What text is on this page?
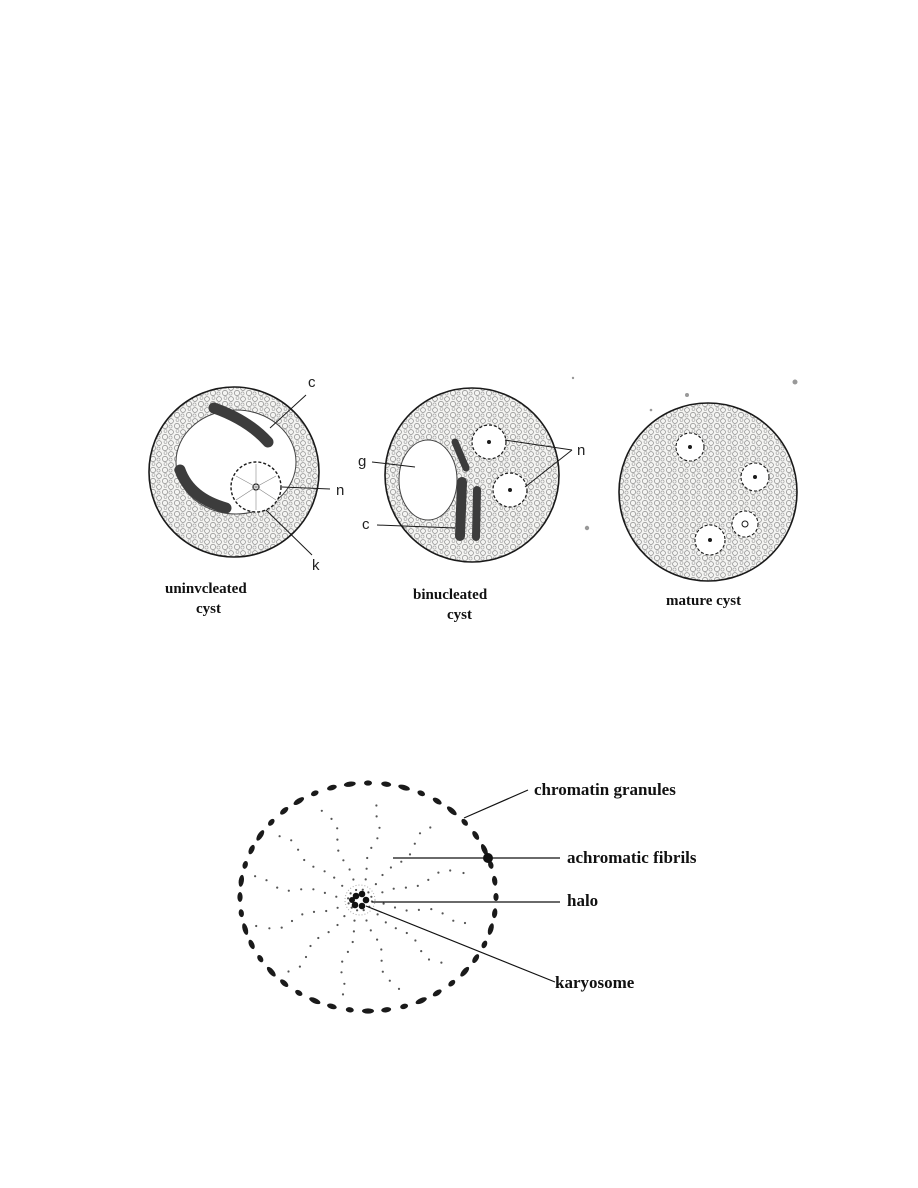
c
n
k
uninvcleated
cyst
g
c
n
binucleated
cyst
mature cyst
chromatin granules
achromatic fibrils
halo
karyosome
